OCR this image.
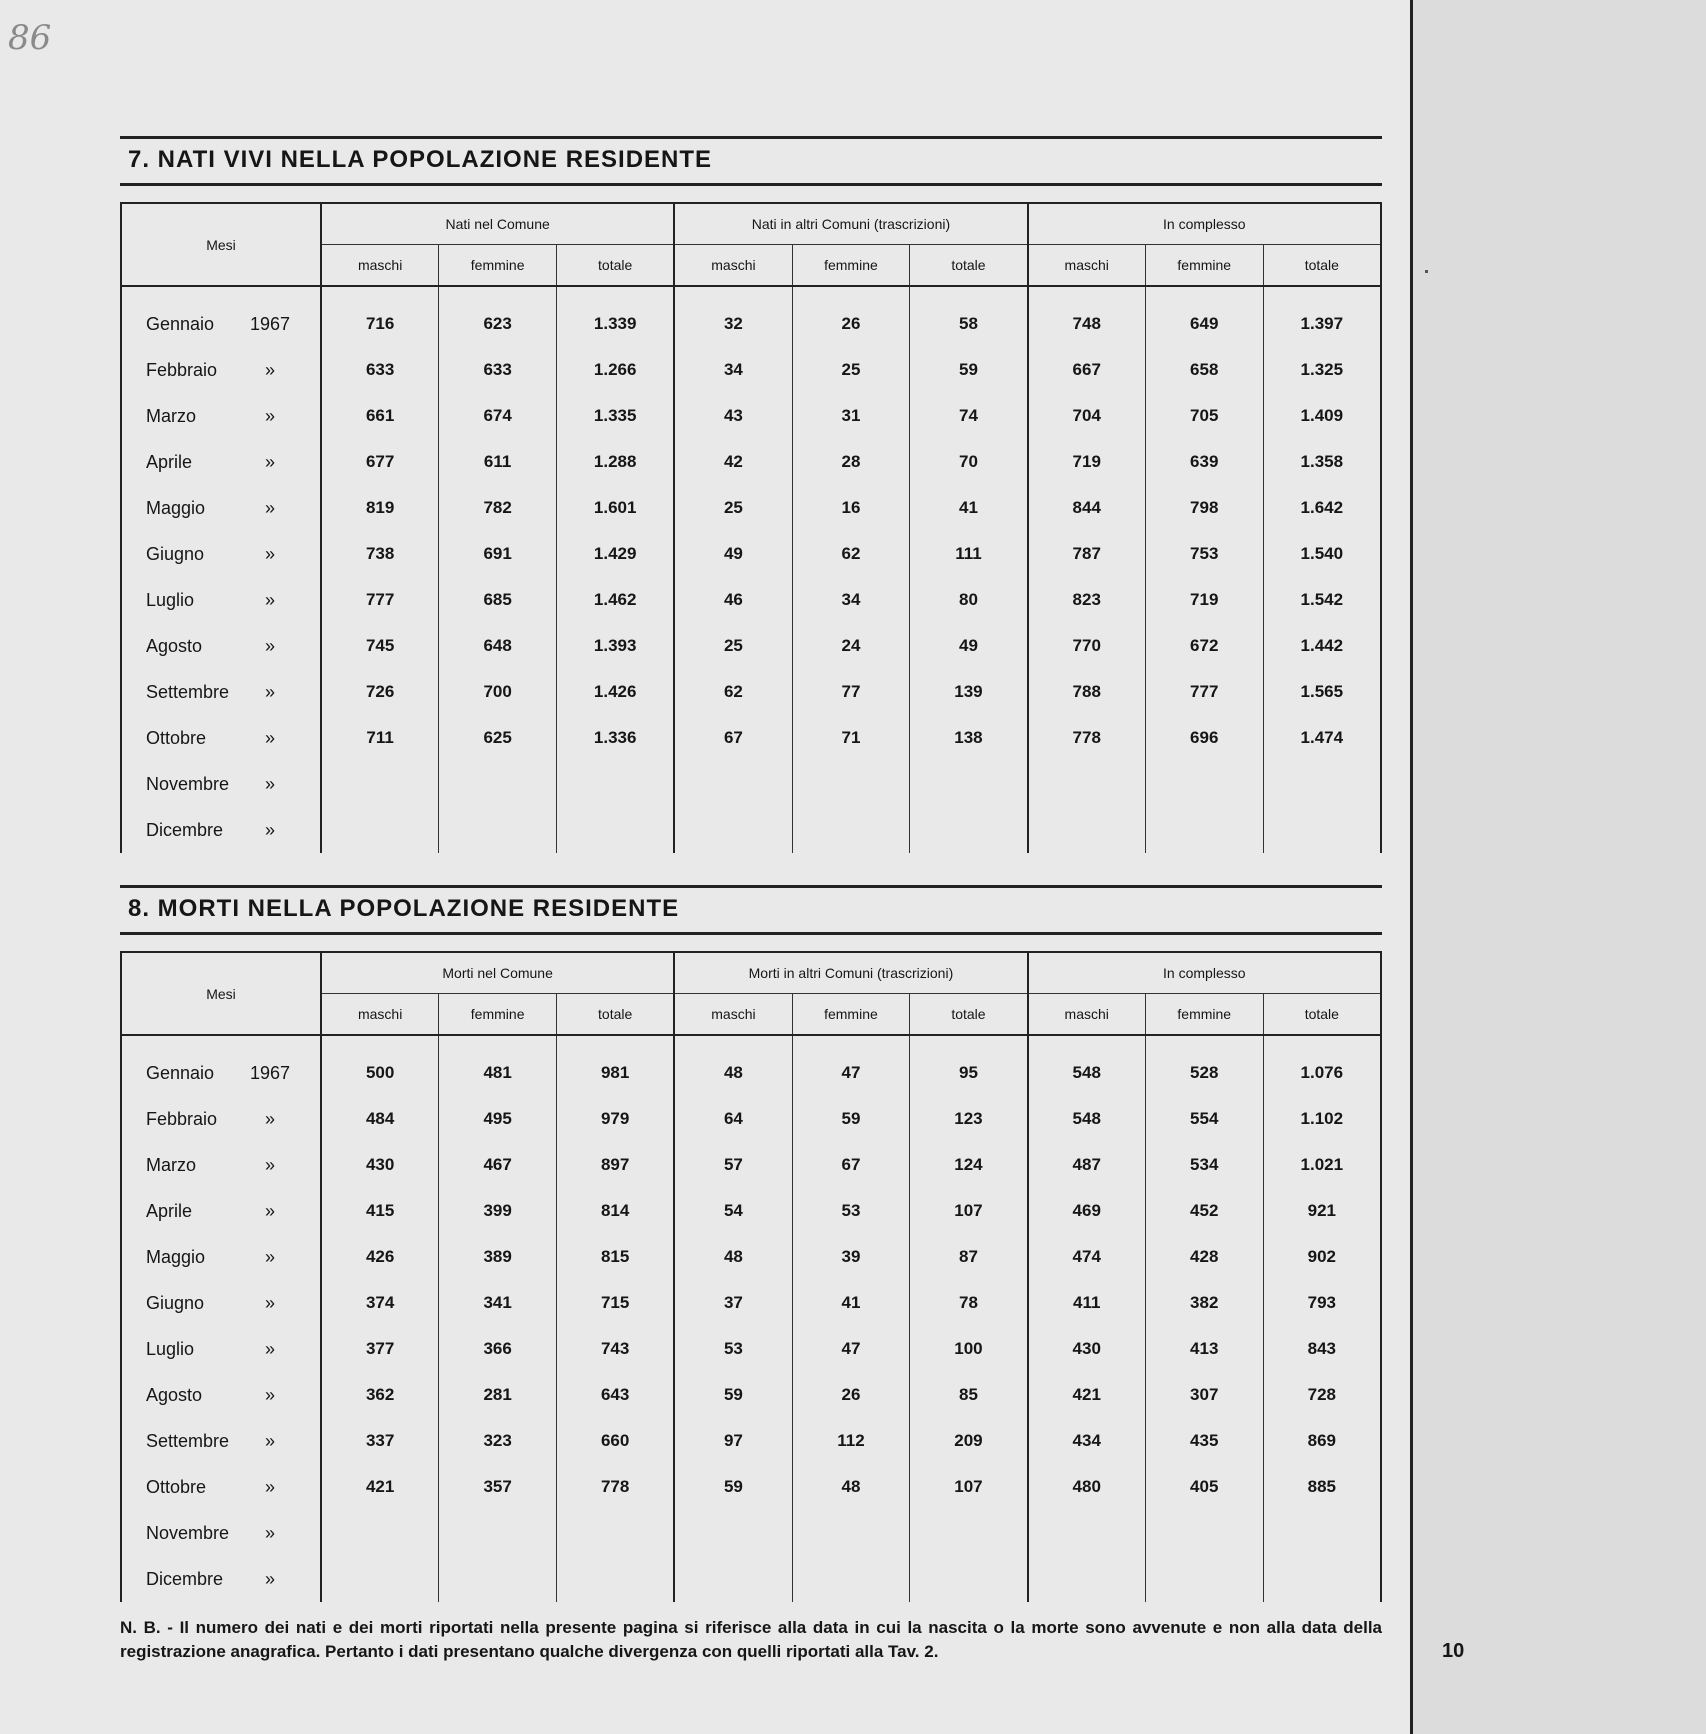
86
7. NATI VIVI NELLA POPOLAZIONE RESIDENTE
Mesi	Nati nel Comune			Nati in altri Comuni (trascrizioni)			In complesso		
	maschi	femmine	totale	maschi	femmine	totale	maschi	femmine	totale

Gennaio 1967	716	623	1.339	32	26	58	748	649	1.397
Febbraio »	633	633	1.266	34	25	59	667	658	1.325
Marzo »	661	674	1.335	43	31	74	704	705	1.409
Aprile »	677	611	1.288	42	28	70	719	639	1.358
Maggio »	819	782	1.601	25	16	41	844	798	1.642
Giugno »	738	691	1.429	49	62	111	787	753	1.540
Luglio »	777	685	1.462	46	34	80	823	719	1.542
Agosto »	745	648	1.393	25	24	49	770	672	1.442
Settembre »	726	700	1.426	62	77	139	788	777	1.565
Ottobre »	711	625	1.336	67	71	138	778	696	1.474
Novembre »									
Dicembre »									
8. MORTI NELLA POPOLAZIONE RESIDENTE
Mesi	Morti nel Comune			Morti in altri Comuni (trascrizioni)			In complesso		
	maschi	femmine	totale	maschi	femmine	totale	maschi	femmine	totale

Gennaio 1967	500	481	981	48	47	95	548	528	1.076
Febbraio »	484	495	979	64	59	123	548	554	1.102
Marzo »	430	467	897	57	67	124	487	534	1.021
Aprile »	415	399	814	54	53	107	469	452	921
Maggio »	426	389	815	48	39	87	474	428	902
Giugno »	374	341	715	37	41	78	411	382	793
Luglio »	377	366	743	53	47	100	430	413	843
Agosto »	362	281	643	59	26	85	421	307	728
Settembre »	337	323	660	97	112	209	434	435	869
Ottobre »	421	357	778	59	48	107	480	405	885
Novembre »									
Dicembre »									
N. B. - Il numero dei nati e dei morti riportati nella presente pagina si riferisce alla data in cui la nascita o la morte sono avvenute e non alla data della registrazione anagrafica. Pertanto i dati presentano qualche divergenza con quelli riportati alla Tav. 2.	10
